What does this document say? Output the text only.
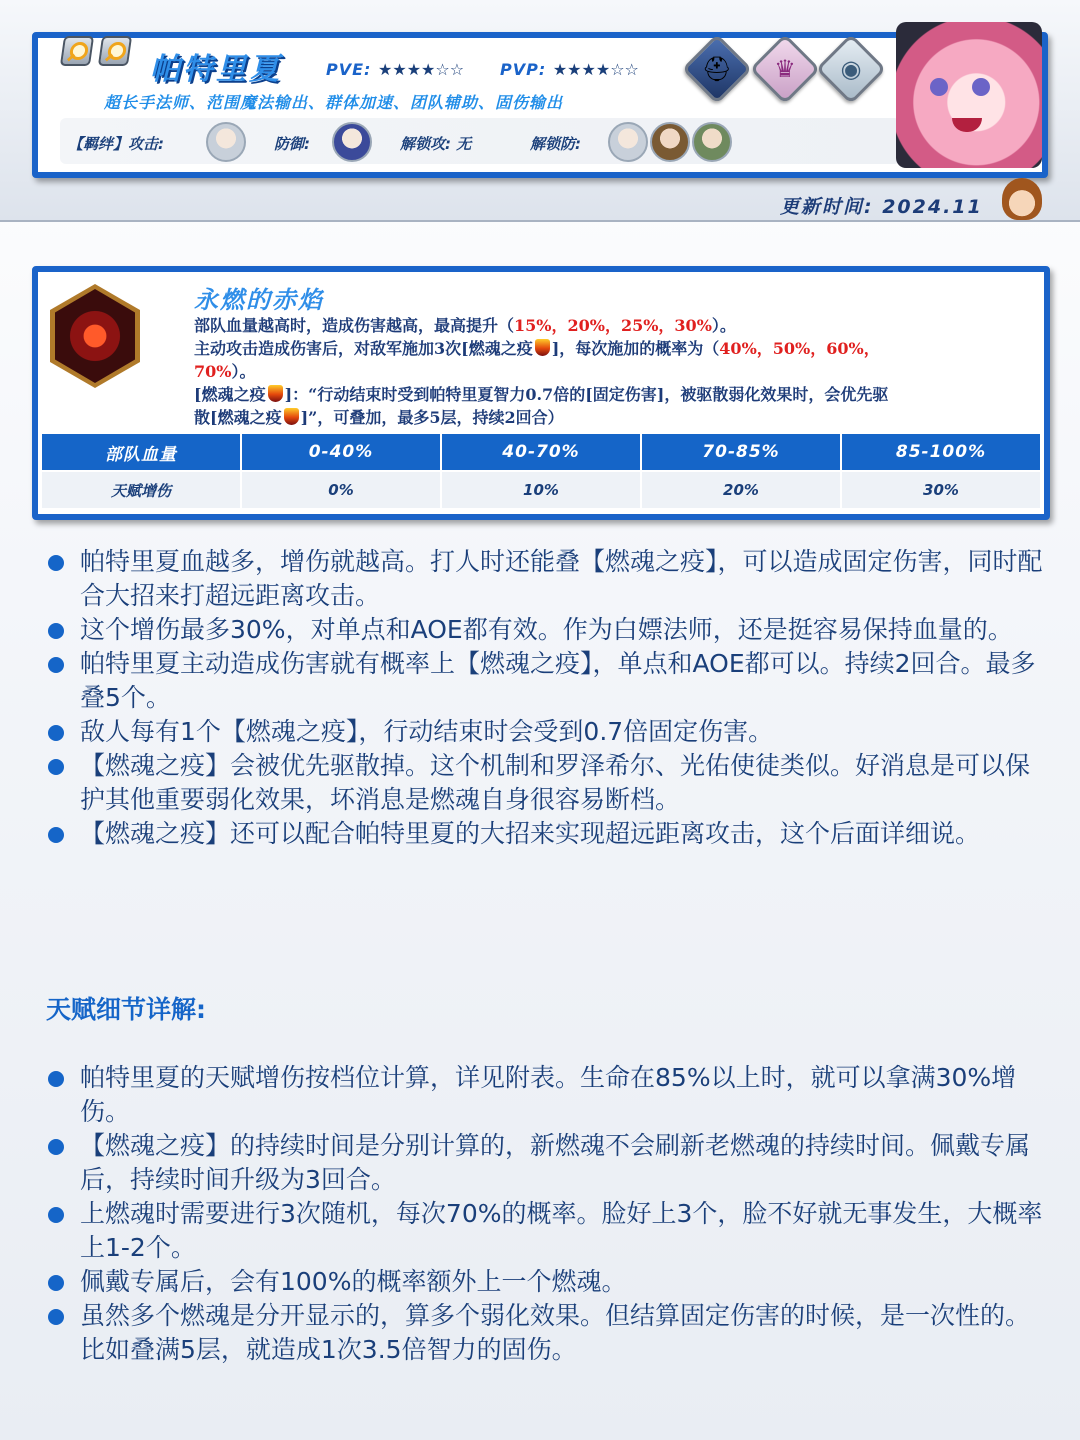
帕特里夏	PVE: ★★★★☆☆ PVP: ★★★★☆☆	⛑	♛	◉
超长手法师、范围魔法输出、群体加速、团队辅助、固伤输出
【羁绊】攻击:	防御:	解锁攻: 无	解锁防:
更新时间: 2024.11
永燃的赤焰
部队血量越高时，造成伤害越高，最高提升（15%，20%，25%，30%）。
主动攻击造成伤害后，对敌军施加3次[燃魂之疫 ]，每次施加的概率为（40%，50%，60%，
70%）。
[燃魂之疫 ]：“行动结束时受到帕特里夏智力0.7倍的[固定伤害]，被驱散弱化效果时，会优先驱
散[燃魂之疫 ]”，可叠加，最多5层，持续2回合）
部队血量	0-40%	40-70%	70-85%	85-100%
天赋增伤	0%	10%	20%	30%
帕特里夏血越多，增伤就越高。打人时还能叠【燃魂之疫】，可以造成固定伤害，同时配合大招来打超远距离攻击。
这个增伤最多30%，对单点和AOE都有效。作为白嫖法师，还是挺容易保持血量的。
帕特里夏主动造成伤害就有概率上【燃魂之疫】，单点和AOE都可以。持续2回合。最多叠5个。
敌人每有1个【燃魂之疫】，行动结束时会受到0.7倍固定伤害。
【燃魂之疫】会被优先驱散掉。这个机制和罗泽希尔、光佑使徒类似。好消息是可以保护其他重要弱化效果，坏消息是燃魂自身很容易断档。
【燃魂之疫】还可以配合帕特里夏的大招来实现超远距离攻击，这个后面详细说。
天赋细节详解:
帕特里夏的天赋增伤按档位计算，详见附表。生命在85%以上时，就可以拿满30%增伤。
【燃魂之疫】的持续时间是分别计算的，新燃魂不会刷新老燃魂的持续时间。佩戴专属后，持续时间升级为3回合。
上燃魂时需要进行3次随机，每次70%的概率。脸好上3个，脸不好就无事发生，大概率上1-2个。
佩戴专属后，会有100%的概率额外上一个燃魂。
虽然多个燃魂是分开显示的，算多个弱化效果。但结算固定伤害的时候，是一次性的。比如叠满5层，就造成1次3.5倍智力的固伤。
